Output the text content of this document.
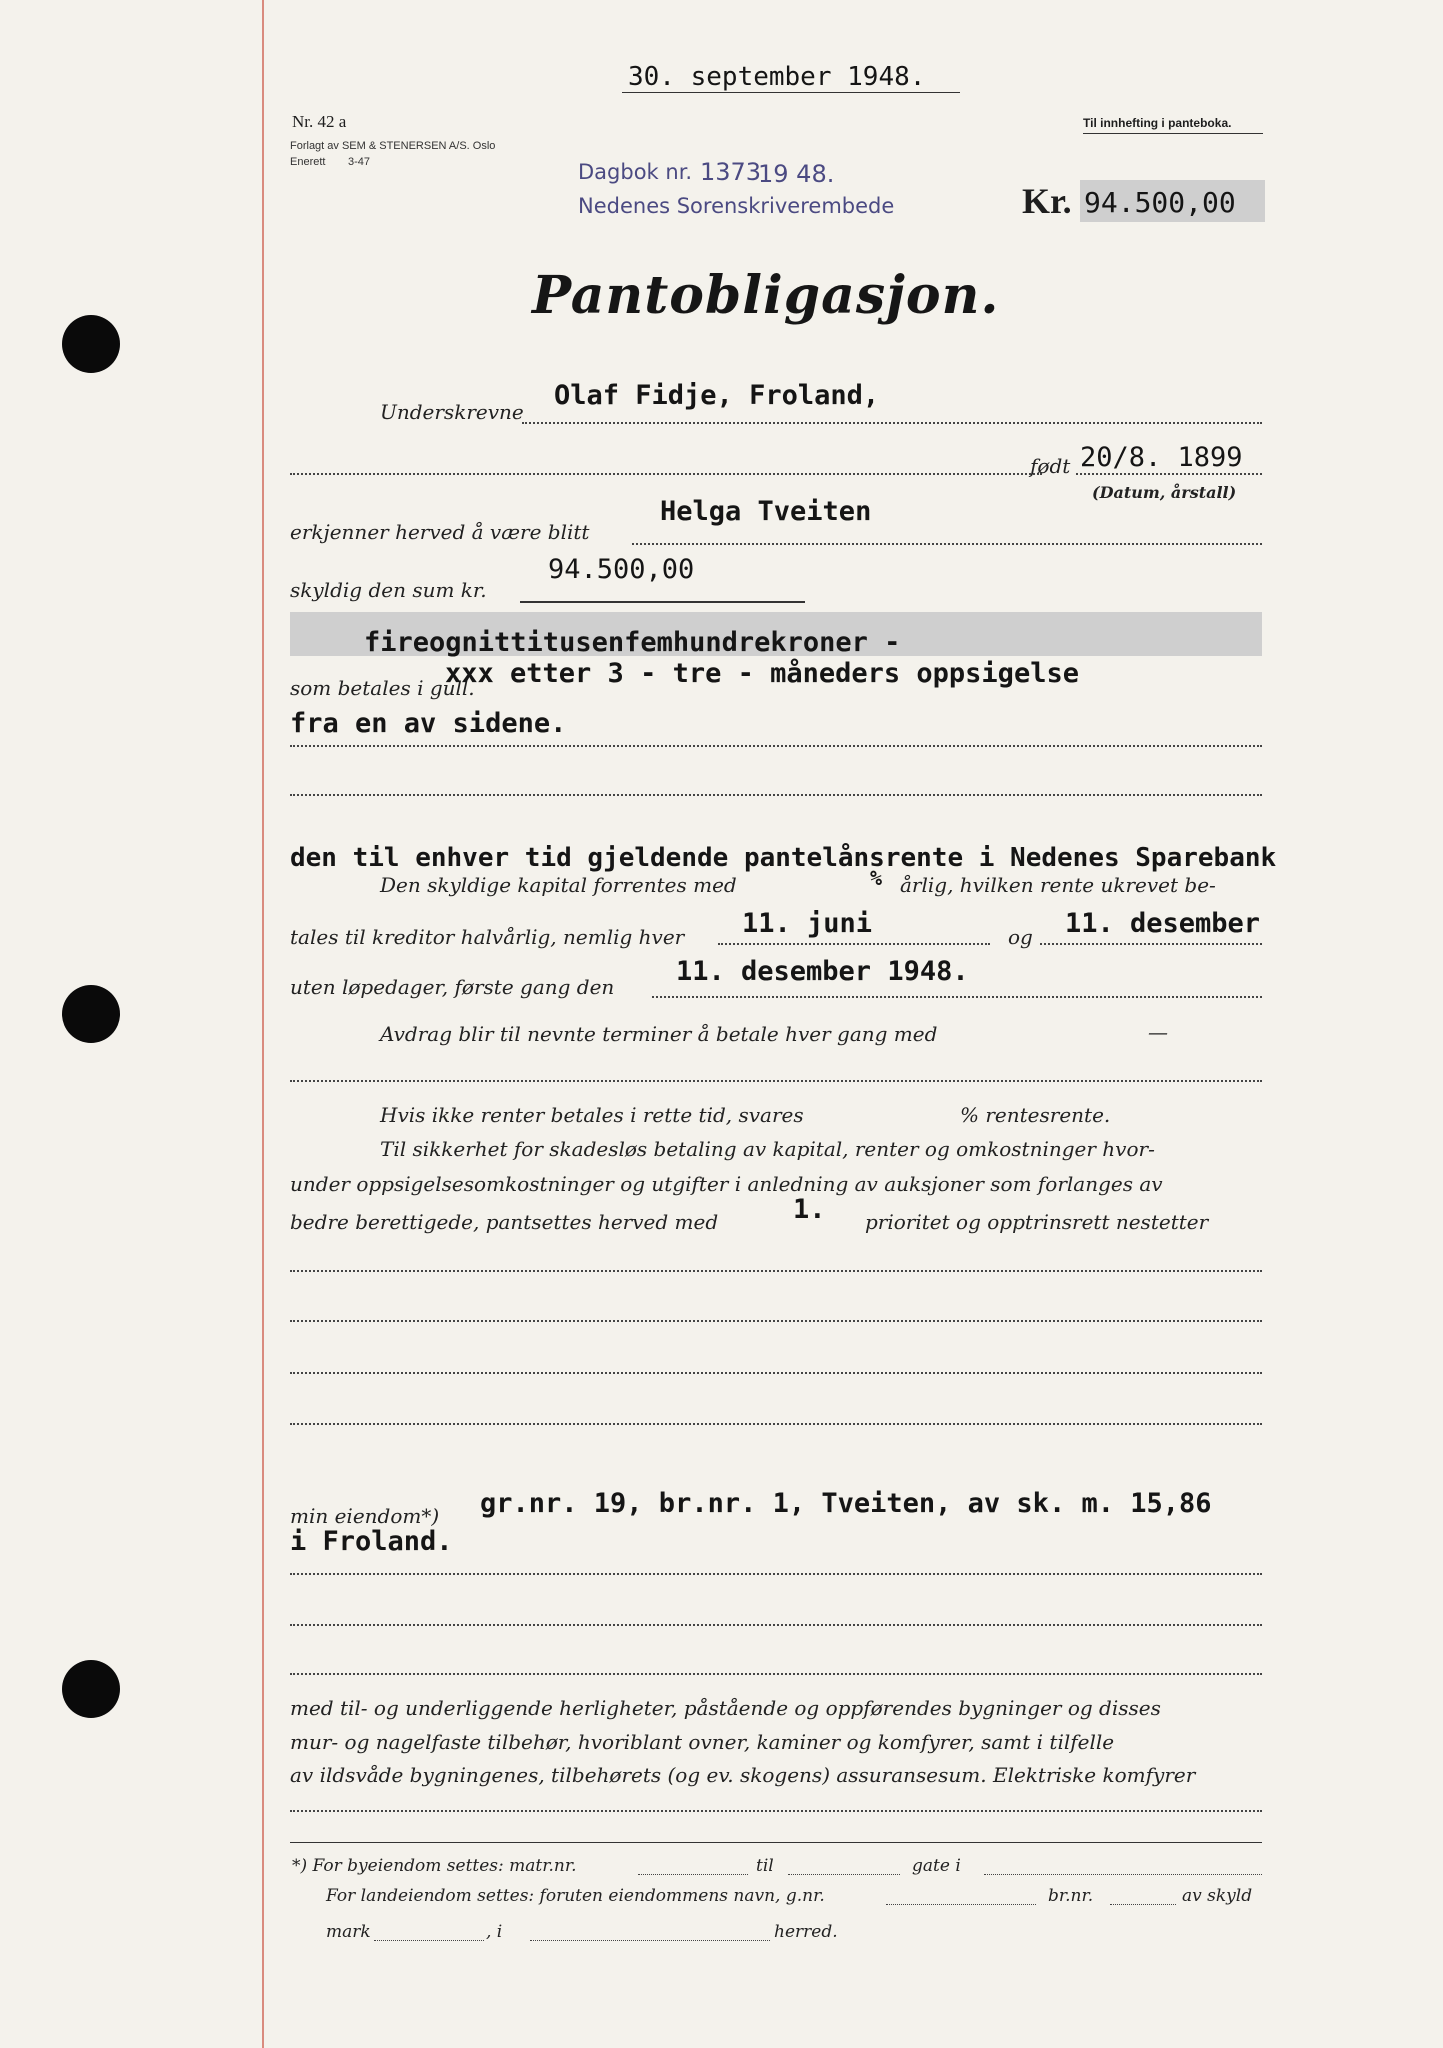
30. september 1948.
Nr. 42 a
Forlagt av SEM & STENERSEN A/S. Oslo
Enerett 3-47
Til innhefting i panteboka.
Dagbok nr. 1373
19 48.
Nedenes Sorenskriverembede	Kr. 94.500,00
Pantobligasjon.
Underskrevne
Olaf Fidje, Froland,
født 20/8. 1899
(Datum, årstall)
erkjenner herved å være blitt
Helga Tveiten
skyldig den sum kr.
94.500,00
fireognittitusenfemhundrekroner -
som betales i gull.
xxx etter 3 - tre - måneders oppsigelse
fra en av sidene.
den til enhver tid gjeldende pantelånsrente i Nedenes Sparebank
Den skyldige kapital forrentes med	% årlig, hvilken rente ukrevet be-
tales til kreditor halvårlig, nemlig hver 11. juni	og 11. desember
uten løpedager, første gang den 11. desember 1948.
Avdrag blir til nevnte terminer å betale hver gang med	—
Hvis ikke renter betales i rette tid, svares	% rentesrente.
Til sikkerhet for skadesløs betaling av kapital, renter og omkostninger hvor-
under oppsigelsesomkostninger og utgifter i anledning av auksjoner som forlanges av
bedre berettigede, pantsettes herved med	1. prioritet og opptrinsrett nestetter
min eiendom*) gr.nr. 19, br.nr. 1, Tveiten, av sk. m. 15,86
i Froland.
med til- og underliggende herligheter, påstående og oppførendes bygninger og disses
mur- og nagelfaste tilbehør, hvoriblant ovner, kaminer og komfyrer, samt i tilfelle
av ildsvåde bygningenes, tilbehørets (og ev. skogens) assuransesum. Elektriske komfyrer
*) For byeiendom settes: matr.nr.	til	gate i
For landeiendom settes: foruten eiendommens navn, g.nr.	br.nr.	av skyld
mark	, i	herred.
